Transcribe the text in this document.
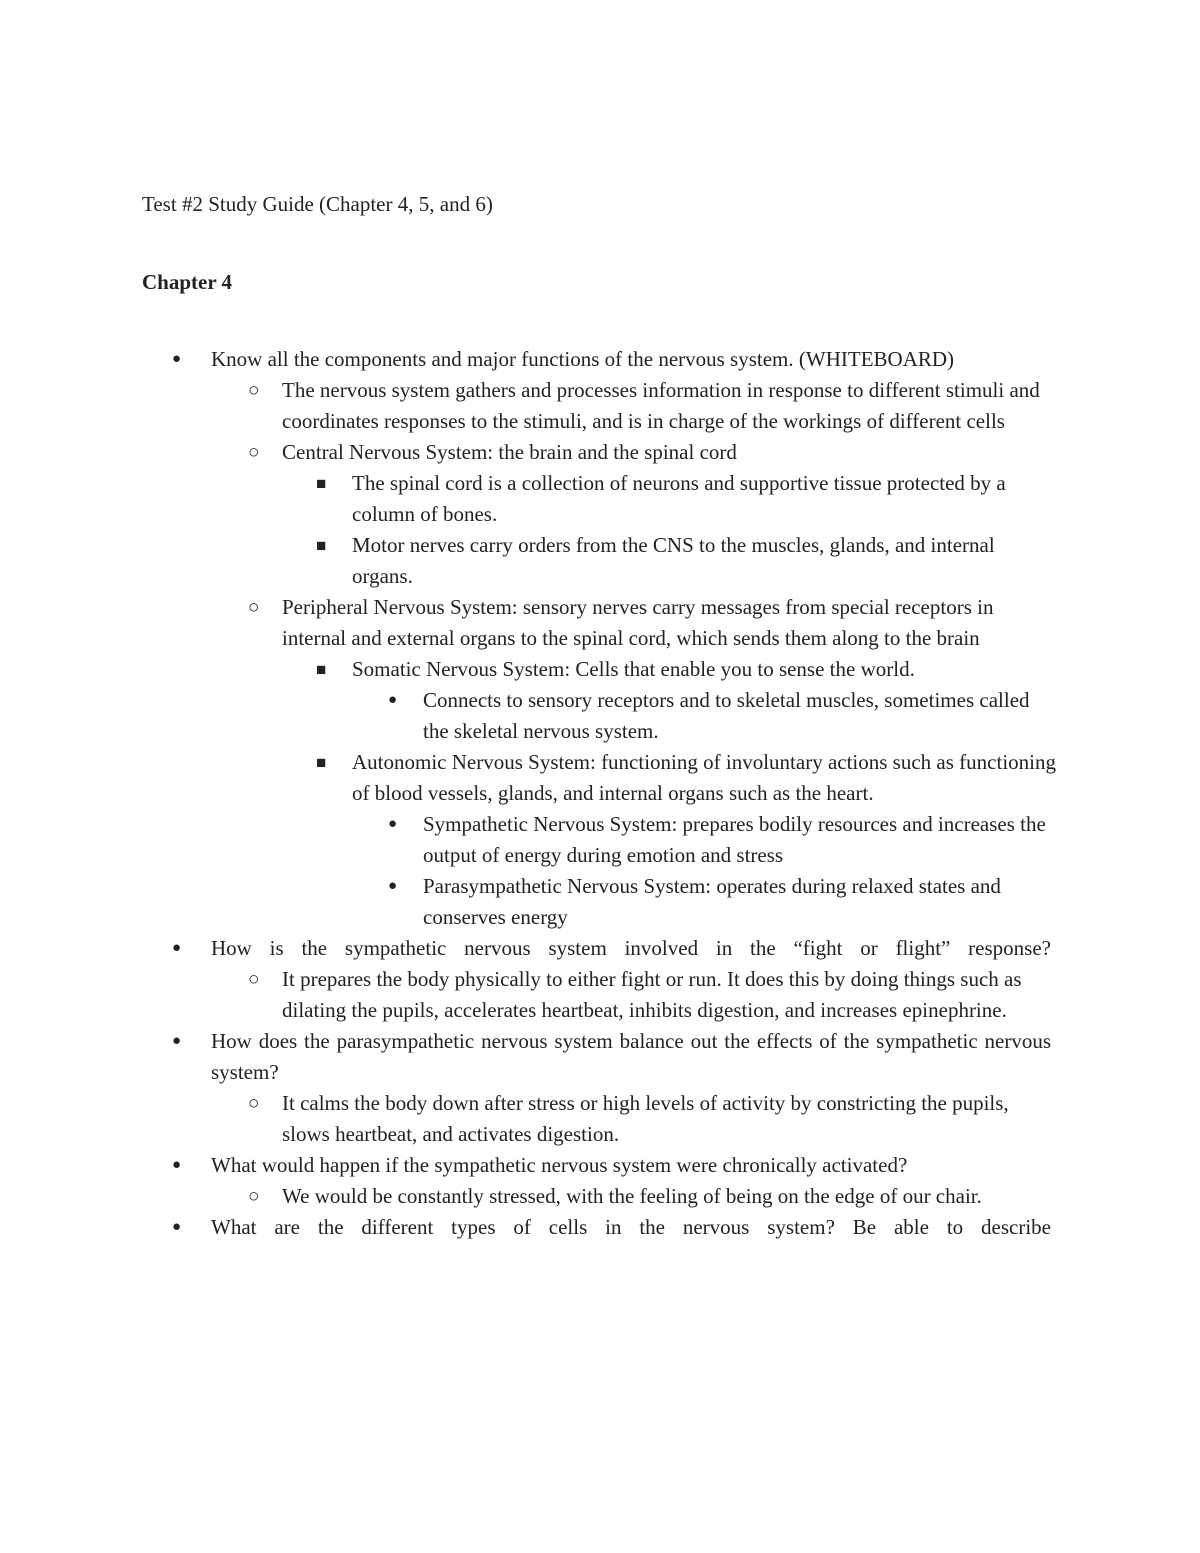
Test #2 Study Guide (Chapter 4, 5, and 6)
Chapter 4
● Know all the components and major functions of the nervous system. (WHITEBOARD)
○ The nervous system gathers and processes information in response to different stimuli and coordinates responses to the stimuli, and is in charge of the workings of different cells
○ Central Nervous System: the brain and the spinal cord
■ The spinal cord is a collection of neurons and supportive tissue protected by a column of bones.
■ Motor nerves carry orders from the CNS to the muscles, glands, and internal organs.
○ Peripheral Nervous System: sensory nerves carry messages from special receptors in internal and external organs to the spinal cord, which sends them along to the brain
■ Somatic Nervous System: Cells that enable you to sense the world.
● Connects to sensory receptors and to skeletal muscles, sometimes called the skeletal nervous system.
■ Autonomic Nervous System: functioning of involuntary actions such as functioning of blood vessels, glands, and internal organs such as the heart.
● Sympathetic Nervous System: prepares bodily resources and increases the output of energy during emotion and stress
● Parasympathetic Nervous System: operates during relaxed states and conserves energy
● How is the sympathetic nervous system involved in the “fight or flight” response?
○ It prepares the body physically to either fight or run. It does this by doing things such as dilating the pupils, accelerates heartbeat, inhibits digestion, and increases epinephrine.
● How does the parasympathetic nervous system balance out the effects of the sympathetic nervous system?
○ It calms the body down after stress or high levels of activity by constricting the pupils, slows heartbeat, and activates digestion.
● What would happen if the sympathetic nervous system were chronically activated?
○ We would be constantly stressed, with the feeling of being on the edge of our chair.
● What are the different types of cells in the nervous system? Be able to describe
